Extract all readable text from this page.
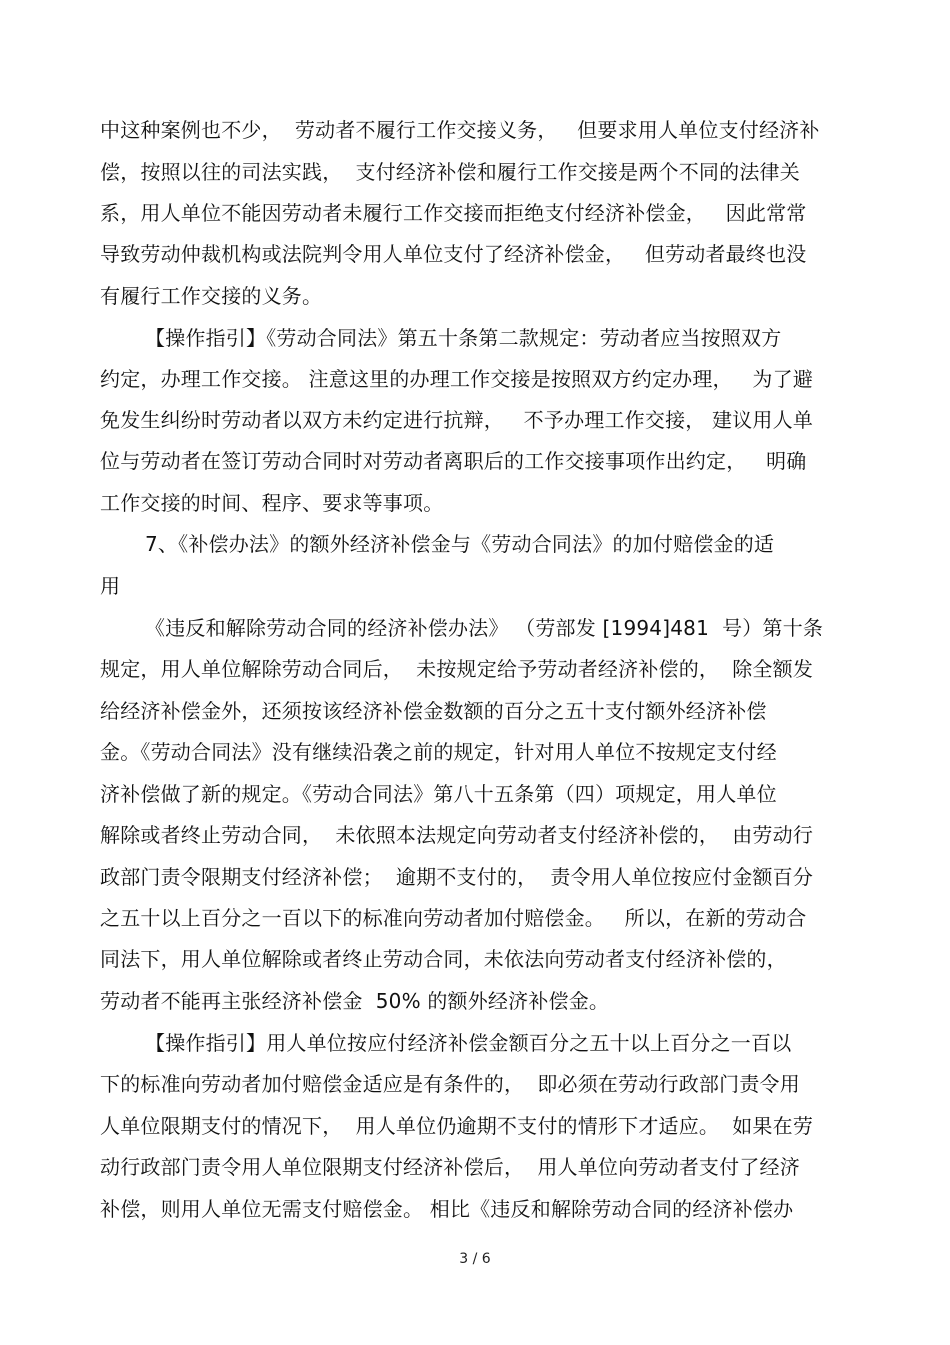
中这种案例也不少，  劳动者不履行工作交接义务，   但要求用人单位支付经济补
偿，按照以往的司法实践，  支付经济补偿和履行工作交接是两个不同的法律关
系，用人单位不能因劳动者未履行工作交接而拒绝支付经济补偿金，   因此常常
导致劳动仲裁机构或法院判令用人单位支付了经济补偿金，   但劳动者最终也没
有履行工作交接的义务。
【操作指引】《劳动合同法》第五十条第二款规定：劳动者应当按照双方
约定，办理工作交接。 注意这里的办理工作交接是按照双方约定办理，   为了避
免发生纠纷时劳动者以双方未约定进行抗辩，   不予办理工作交接， 建议用人单
位与劳动者在签订劳动合同时对劳动者离职后的工作交接事项作出约定，   明确
工作交接的时间、程序、要求等事项。
7、《补偿办法》的额外经济补偿金与《劳动合同法》的加付赔偿金的适
用
《违反和解除劳动合同的经济补偿办法》 （劳部发 [1994]481  号）第十条
规定，用人单位解除劳动合同后，  未按规定给予劳动者经济补偿的，  除全额发
给经济补偿金外，还须按该经济补偿金数额的百分之五十支付额外经济补偿
金。《劳动合同法》没有继续沿袭之前的规定，针对用人单位不按规定支付经
济补偿做了新的规定。《劳动合同法》第八十五条第（四）项规定，用人单位
解除或者终止劳动合同，  未依照本法规定向劳动者支付经济补偿的，  由劳动行
政部门责令限期支付经济补偿；  逾期不支付的，  责令用人单位按应付金额百分
之五十以上百分之一百以下的标准向劳动者加付赔偿金。   所以，在新的劳动合
同法下，用人单位解除或者终止劳动合同，未依法向劳动者支付经济补偿的，
劳动者不能再主张经济补偿金  50% 的额外经济补偿金。
【操作指引】用人单位按应付经济补偿金额百分之五十以上百分之一百以
下的标准向劳动者加付赔偿金适应是有条件的，  即必须在劳动行政部门责令用
人单位限期支付的情况下，  用人单位仍逾期不支付的情形下才适应。  如果在劳
动行政部门责令用人单位限期支付经济补偿后，  用人单位向劳动者支付了经济
补偿，则用人单位无需支付赔偿金。 相比《违反和解除劳动合同的经济补偿办
3 / 6
